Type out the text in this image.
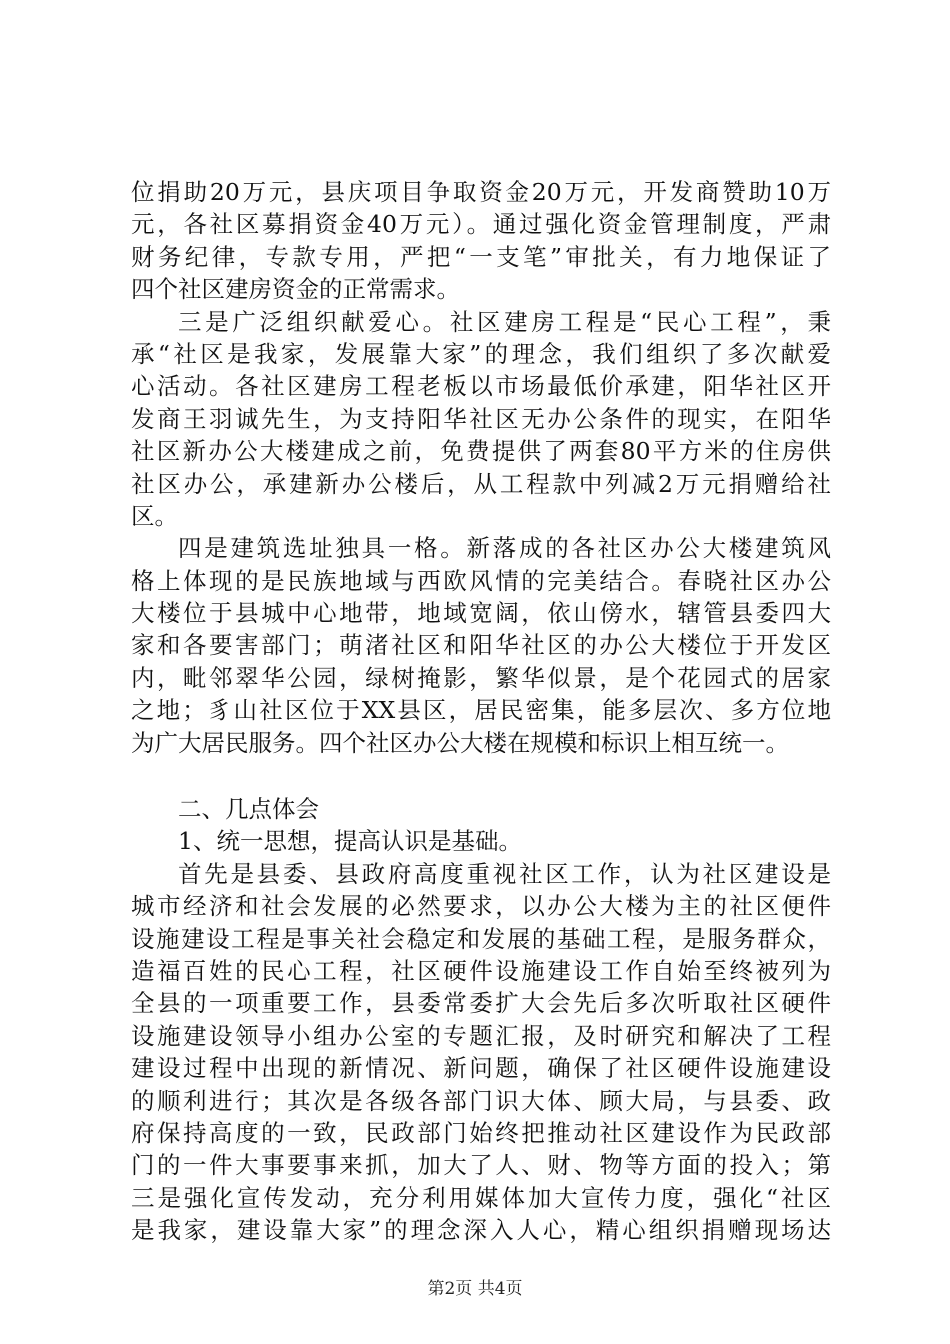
位捐助20万元，县庆项目争取资金20万元，开发商赞助10万
元，各社区募捐资金40万元）。通过强化资金管理制度，严肃
财务纪律，专款专用，严把“一支笔”审批关，有力地保证了
四个社区建房资金的正常需求。
三是广泛组织献爱心。社区建房工程是“民心工程”，秉
承“社区是我家，发展靠大家”的理念，我们组织了多次献爱
心活动。各社区建房工程老板以市场最低价承建，阳华社区开
发商王羽诚先生，为支持阳华社区无办公条件的现实，在阳华
社区新办公大楼建成之前，免费提供了两套80平方米的住房供
社区办公，承建新办公楼后，从工程款中列减2万元捐赠给社
区。
四是建筑选址独具一格。新落成的各社区办公大楼建筑风
格上体现的是民族地域与西欧风情的完美结合。春晓社区办公
大楼位于县城中心地带，地域宽阔，依山傍水，辖管县委四大
家和各要害部门；萌渚社区和阳华社区的办公大楼位于开发区
内，毗邻翠华公园，绿树掩影，繁华似景，是个花园式的居家
之地；豸山社区位于XX县区，居民密集，能多层次、多方位地
为广大居民服务。四个社区办公大楼在规模和标识上相互统一。
二、几点体会
1、统一思想，提高认识是基础。
首先是县委、县政府高度重视社区工作，认为社区建设是
城市经济和社会发展的必然要求，以办公大楼为主的社区便件
设施建设工程是事关社会稳定和发展的基础工程，是服务群众，
造福百姓的民心工程，社区硬件设施建设工作自始至终被列为
全县的一项重要工作，县委常委扩大会先后多次听取社区硬件
设施建设领导小组办公室的专题汇报，及时研究和解决了工程
建设过程中出现的新情况、新问题，确保了社区硬件设施建设
的顺利进行；其次是各级各部门识大体、顾大局，与县委、政
府保持高度的一致，民政部门始终把推动社区建设作为民政部
门的一件大事要事来抓，加大了人、财、物等方面的投入；第
三是强化宣传发动，充分利用媒体加大宣传力度，强化“社区
是我家，建设靠大家”的理念深入人心，精心组织捐赠现场达
第2页 共4页
